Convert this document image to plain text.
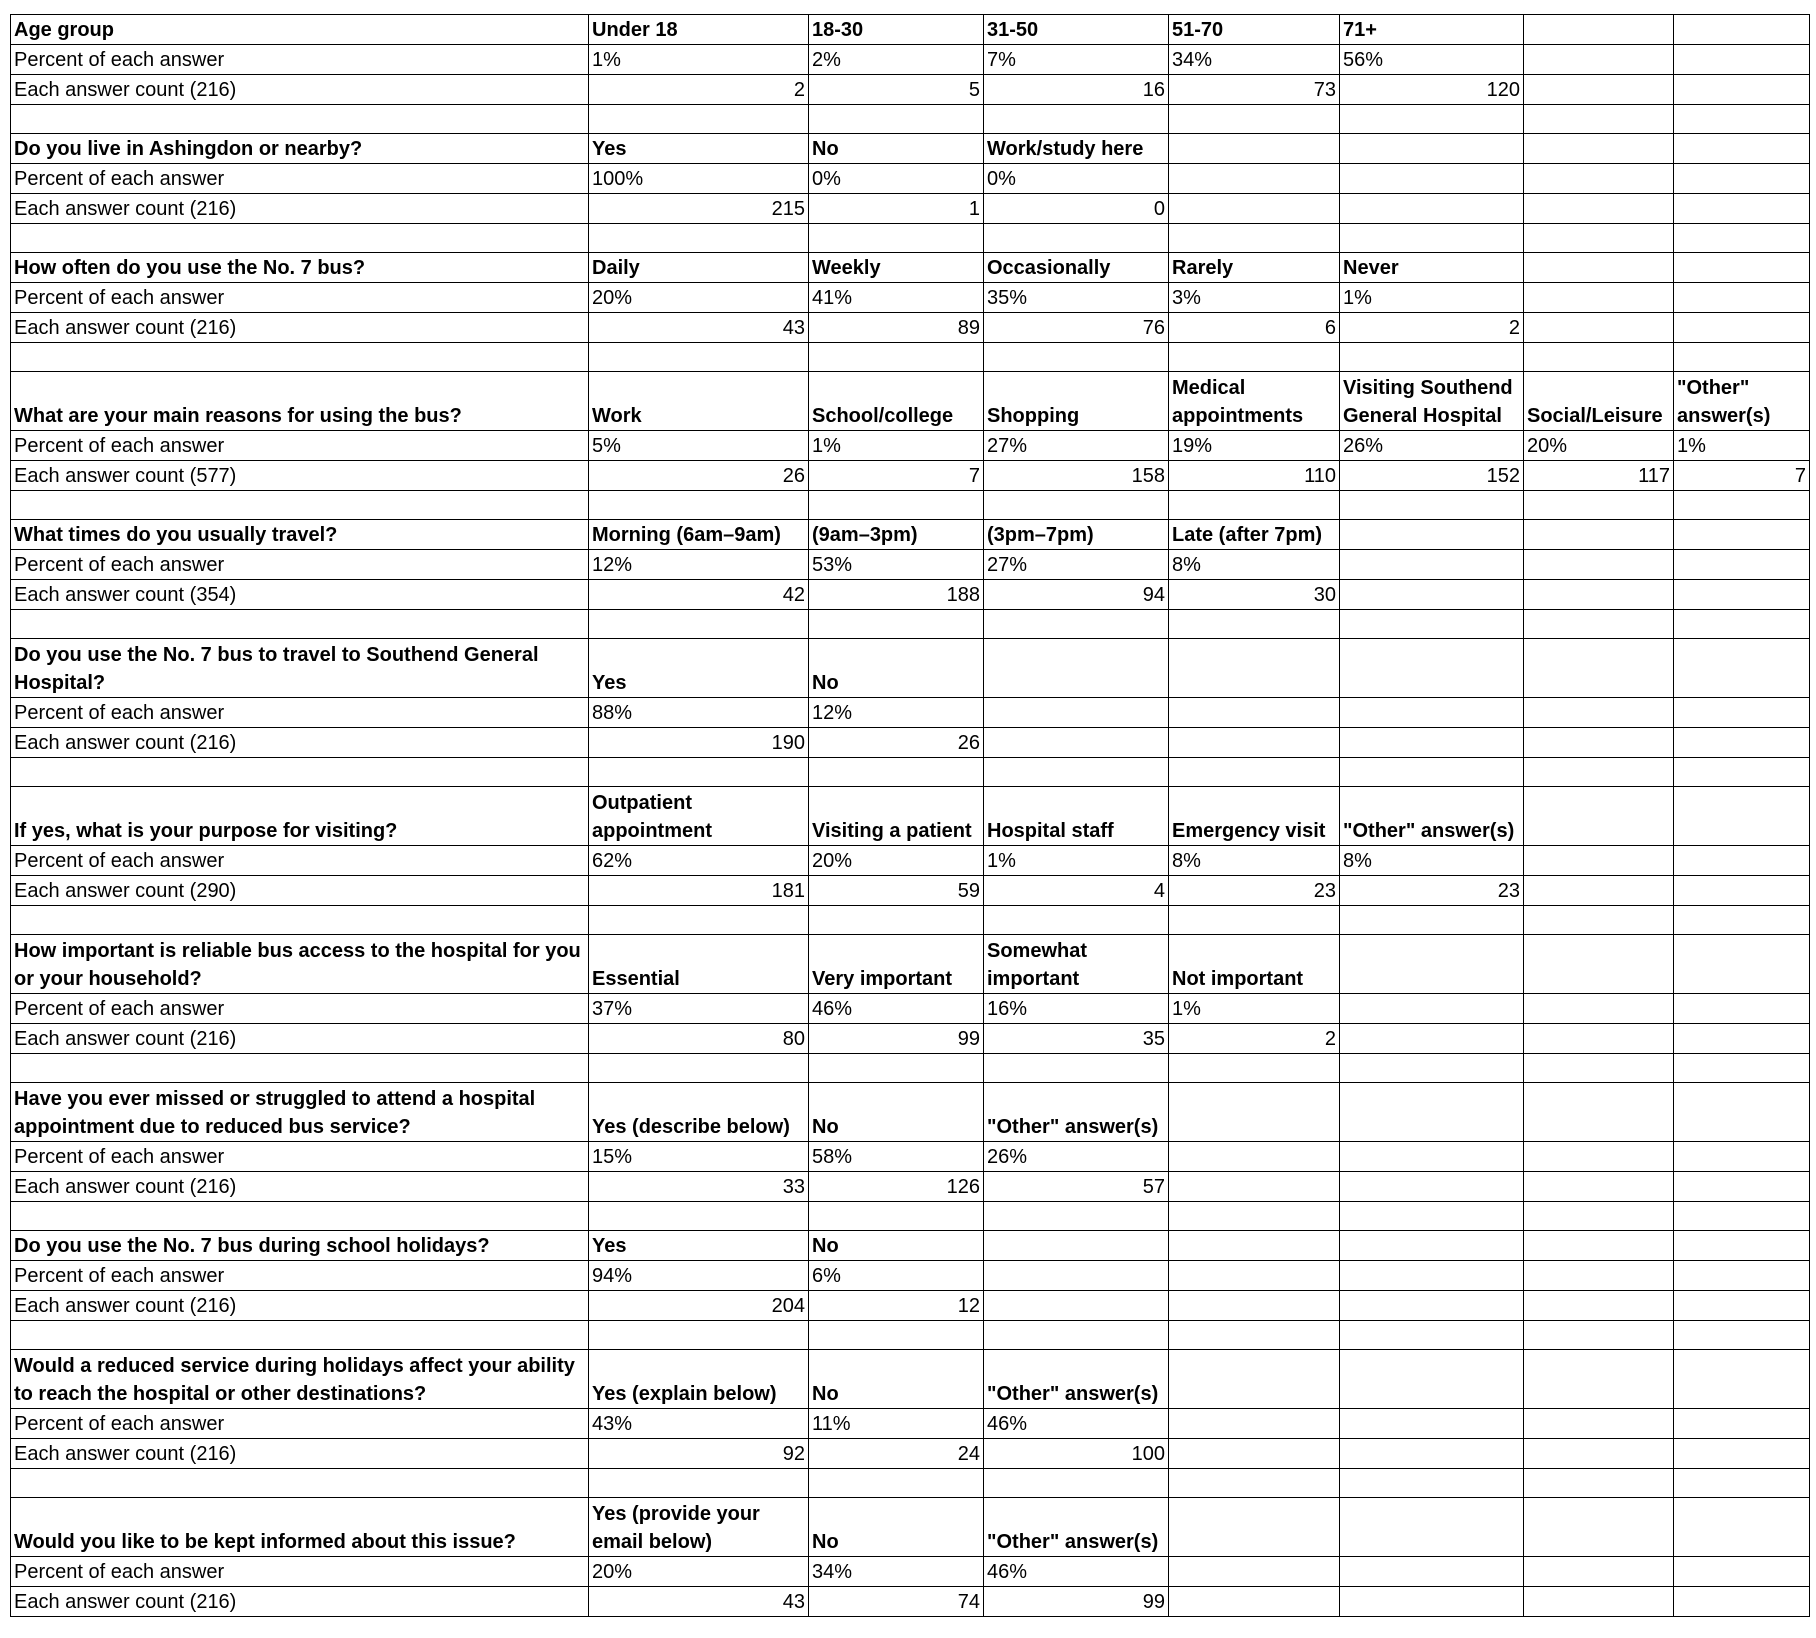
Age group	Under 18	18-30	31-50	51-70	71+		
Percent of each answer	1%	2%	7%	34%	56%		
Each answer count (216)	2	5	16	73	120		

Do you live in Ashingdon or nearby?	Yes	No	Work/study here				
Percent of each answer	100%	0%	0%				
Each answer count (216)	215	1	0				

How often do you use the No. 7 bus?	Daily	Weekly	Occasionally	Rarely	Never		
Percent of each answer	20%	41%	35%	3%	1%		
Each answer count (216)	43	89	76	6	2		

What are your main reasons for using the bus?	Work	School/college	Shopping	Medical appointments	Visiting Southend General Hospital	Social/Leisure	"Other" answer(s)
Percent of each answer	5%	1%	27%	19%	26%	20%	1%
Each answer count (577)	26	7	158	110	152	117	7

What times do you usually travel?	Morning (6am–9am)	(9am–3pm)	(3pm–7pm)	Late (after 7pm)			
Percent of each answer	12%	53%	27%	8%			
Each answer count (354)	42	188	94	30			

Do you use the No. 7 bus to travel to Southend General Hospital?	Yes	No					
Percent of each answer	88%	12%					
Each answer count (216)	190	26					

If yes, what is your purpose for visiting?	Outpatient appointment	Visiting a patient	Hospital staff	Emergency visit	"Other" answer(s)		
Percent of each answer	62%	20%	1%	8%	8%		
Each answer count (290)	181	59	4	23	23		

How important is reliable bus access to the hospital for you or your household?	Essential	Very important	Somewhat important	Not important			
Percent of each answer	37%	46%	16%	1%			
Each answer count (216)	80	99	35	2			

Have you ever missed or struggled to attend a hospital appointment due to reduced bus service?	Yes (describe below)	No	"Other" answer(s)				
Percent of each answer	15%	58%	26%				
Each answer count (216)	33	126	57				

Do you use the No. 7 bus during school holidays?	Yes	No					
Percent of each answer	94%	6%					
Each answer count (216)	204	12					

Would a reduced service during holidays affect your ability to reach the hospital or other destinations?	Yes (explain below)	No	"Other" answer(s)				
Percent of each answer	43%	11%	46%				
Each answer count (216)	92	24	100				

Would you like to be kept informed about this issue?	Yes (provide your email below)	No	"Other" answer(s)				
Percent of each answer	20%	34%	46%				
Each answer count (216)	43	74	99				
